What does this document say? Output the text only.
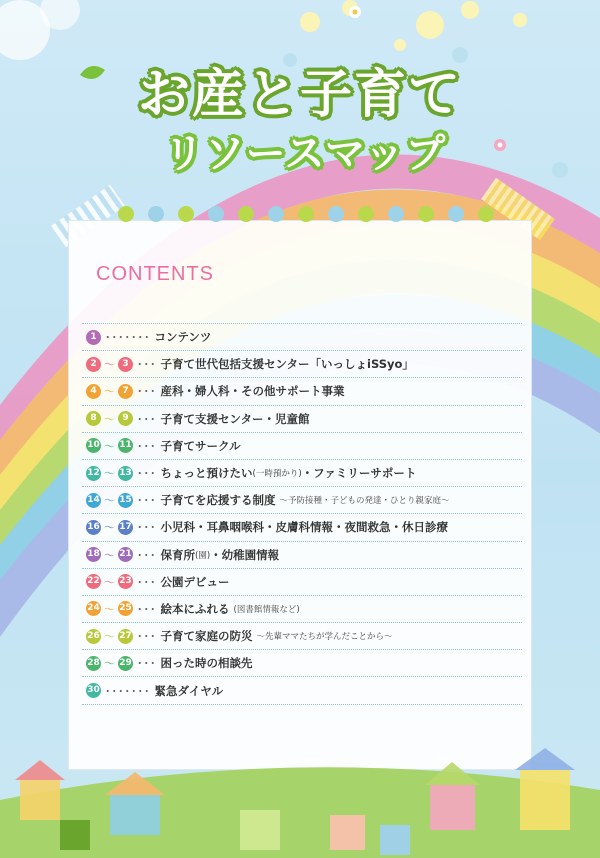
お産と子育て
リソースマップ
CONTENTS
1 ･･･････ コンテンツ
2 〜 3 ･･･ 子育て世代包括支援センター「いっしょiSSyo」
4 〜 7 ･･･ 産科・婦人科・その他サポート事業
8 〜 9 ･･･ 子育て支援センター・児童館
10 〜 11 ･･･ 子育てサークル
12 〜 13 ･･･ ちょっと預けたい (一時預かり) ・ファミリーサポート
14 〜 15 ･･･ 子育てを応援する制度 〜予防接種・子どもの発達・ひとり親家庭〜
16 〜 17 ･･･ 小児科・耳鼻咽喉科・皮膚科情報・夜間救急・休日診療
18 〜 21 ･･･ 保育所 (園) ・幼稚園情報
22 〜 23 ･･･ 公園デビュー
24 〜 25 ･･･ 絵本にふれる (図書館情報など)
26 〜 27 ･･･ 子育て家庭の防災 〜先輩ママたちが学んだことから〜
28 〜 29 ･･･ 困った時の相談先
30 ･･･････ 緊急ダイヤル
